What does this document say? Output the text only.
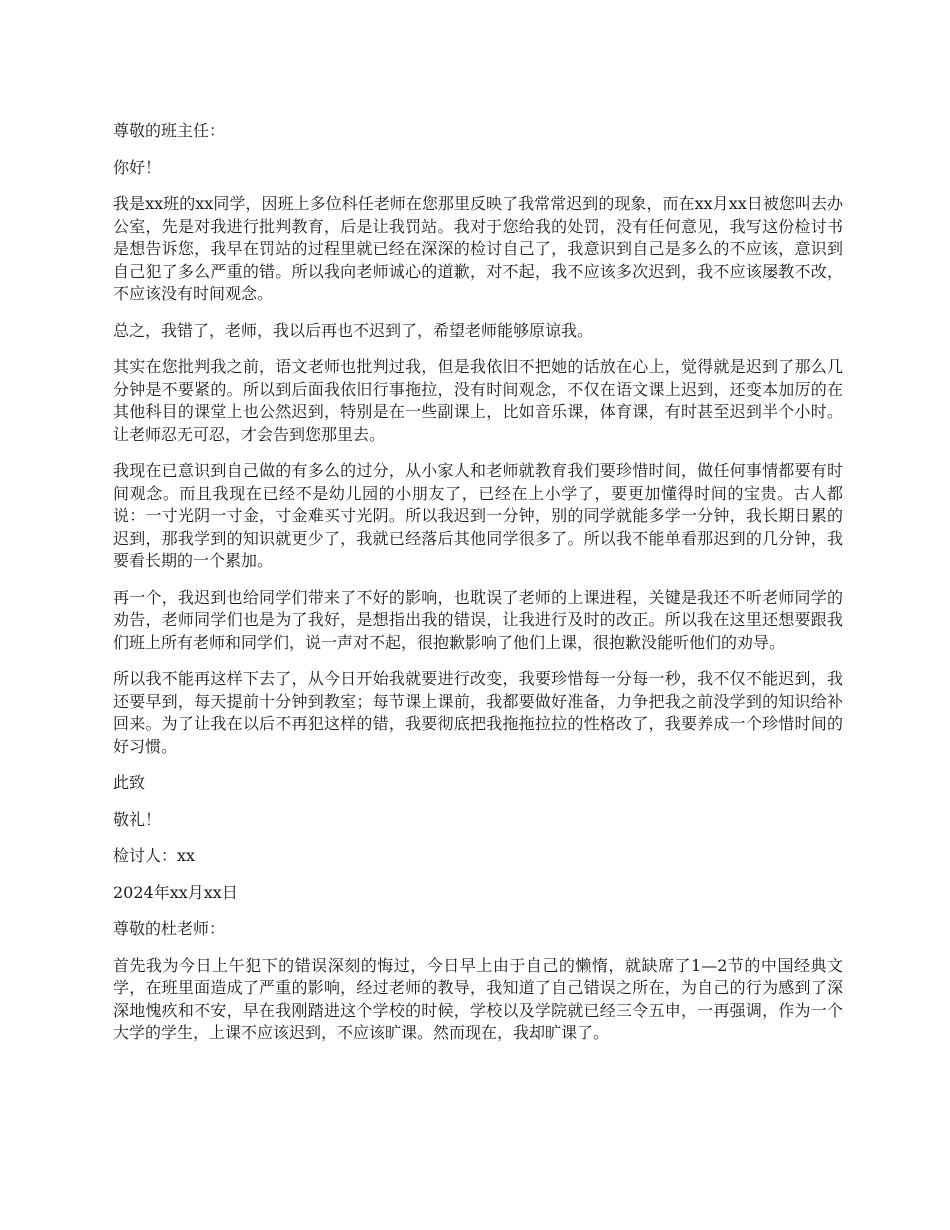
尊敬的班主任：

你好！

我是xx班的xx同学，因班上多位科任老师在您那里反映了我常常迟到的现象，而在xx月xx日被您叫去办公室，先是对我进行批判教育，后是让我罚站。我对于您给我的处罚，没有任何意见，我写这份检讨书是想告诉您，我早在罚站的过程里就已经在深深的检讨自己了，我意识到自己是多么的不应该，意识到自己犯了多么严重的错。所以我向老师诚心的道歉，对不起，我不应该多次迟到，我不应该屡教不改，不应该没有时间观念。

总之，我错了，老师，我以后再也不迟到了，希望老师能够原谅我。

其实在您批判我之前，语文老师也批判过我，但是我依旧不把她的话放在心上，觉得就是迟到了那么几分钟是不要紧的。所以到后面我依旧行事拖拉，没有时间观念，不仅在语文课上迟到，还变本加厉的在其他科目的课堂上也公然迟到，特别是在一些副课上，比如音乐课，体育课，有时甚至迟到半个小时。让老师忍无可忍，才会告到您那里去。

我现在已意识到自己做的有多么的过分，从小家人和老师就教育我们要珍惜时间，做任何事情都要有时间观念。而且我现在已经不是幼儿园的小朋友了，已经在上小学了，要更加懂得时间的宝贵。古人都说：一寸光阴一寸金，寸金难买寸光阴。所以我迟到一分钟，别的同学就能多学一分钟，我长期日累的迟到，那我学到的知识就更少了，我就已经落后其他同学很多了。所以我不能单看那迟到的几分钟，我要看长期的一个累加。

再一个，我迟到也给同学们带来了不好的影响，也耽误了老师的上课进程，关键是我还不听老师同学的劝告，老师同学们也是为了我好，是想指出我的错误，让我进行及时的改正。所以我在这里还想要跟我们班上所有老师和同学们，说一声对不起，很抱歉影响了他们上课，很抱歉没能听他们的劝导。

所以我不能再这样下去了，从今日开始我就要进行改变，我要珍惜每一分每一秒，我不仅不能迟到，我还要早到，每天提前十分钟到教室；每节课上课前，我都要做好准备，力争把我之前没学到的知识给补回来。为了让我在以后不再犯这样的错，我要彻底把我拖拖拉拉的性格改了，我要养成一个珍惜时间的好习惯。

此致

敬礼！

检讨人：xx

2024年xx月xx日

尊敬的杜老师：

首先我为今日上午犯下的错误深刻的悔过，今日早上由于自己的懒惰，就缺席了1—2节的中国经典文学，在班里面造成了严重的影响，经过老师的教导，我知道了自己错误之所在，为自己的行为感到了深深地愧疚和不安，早在我刚踏进这个学校的时候，学校以及学院就已经三令五申，一再强调，作为一个大学的学生，上课不应该迟到，不应该旷课。然而现在，我却旷课了。
